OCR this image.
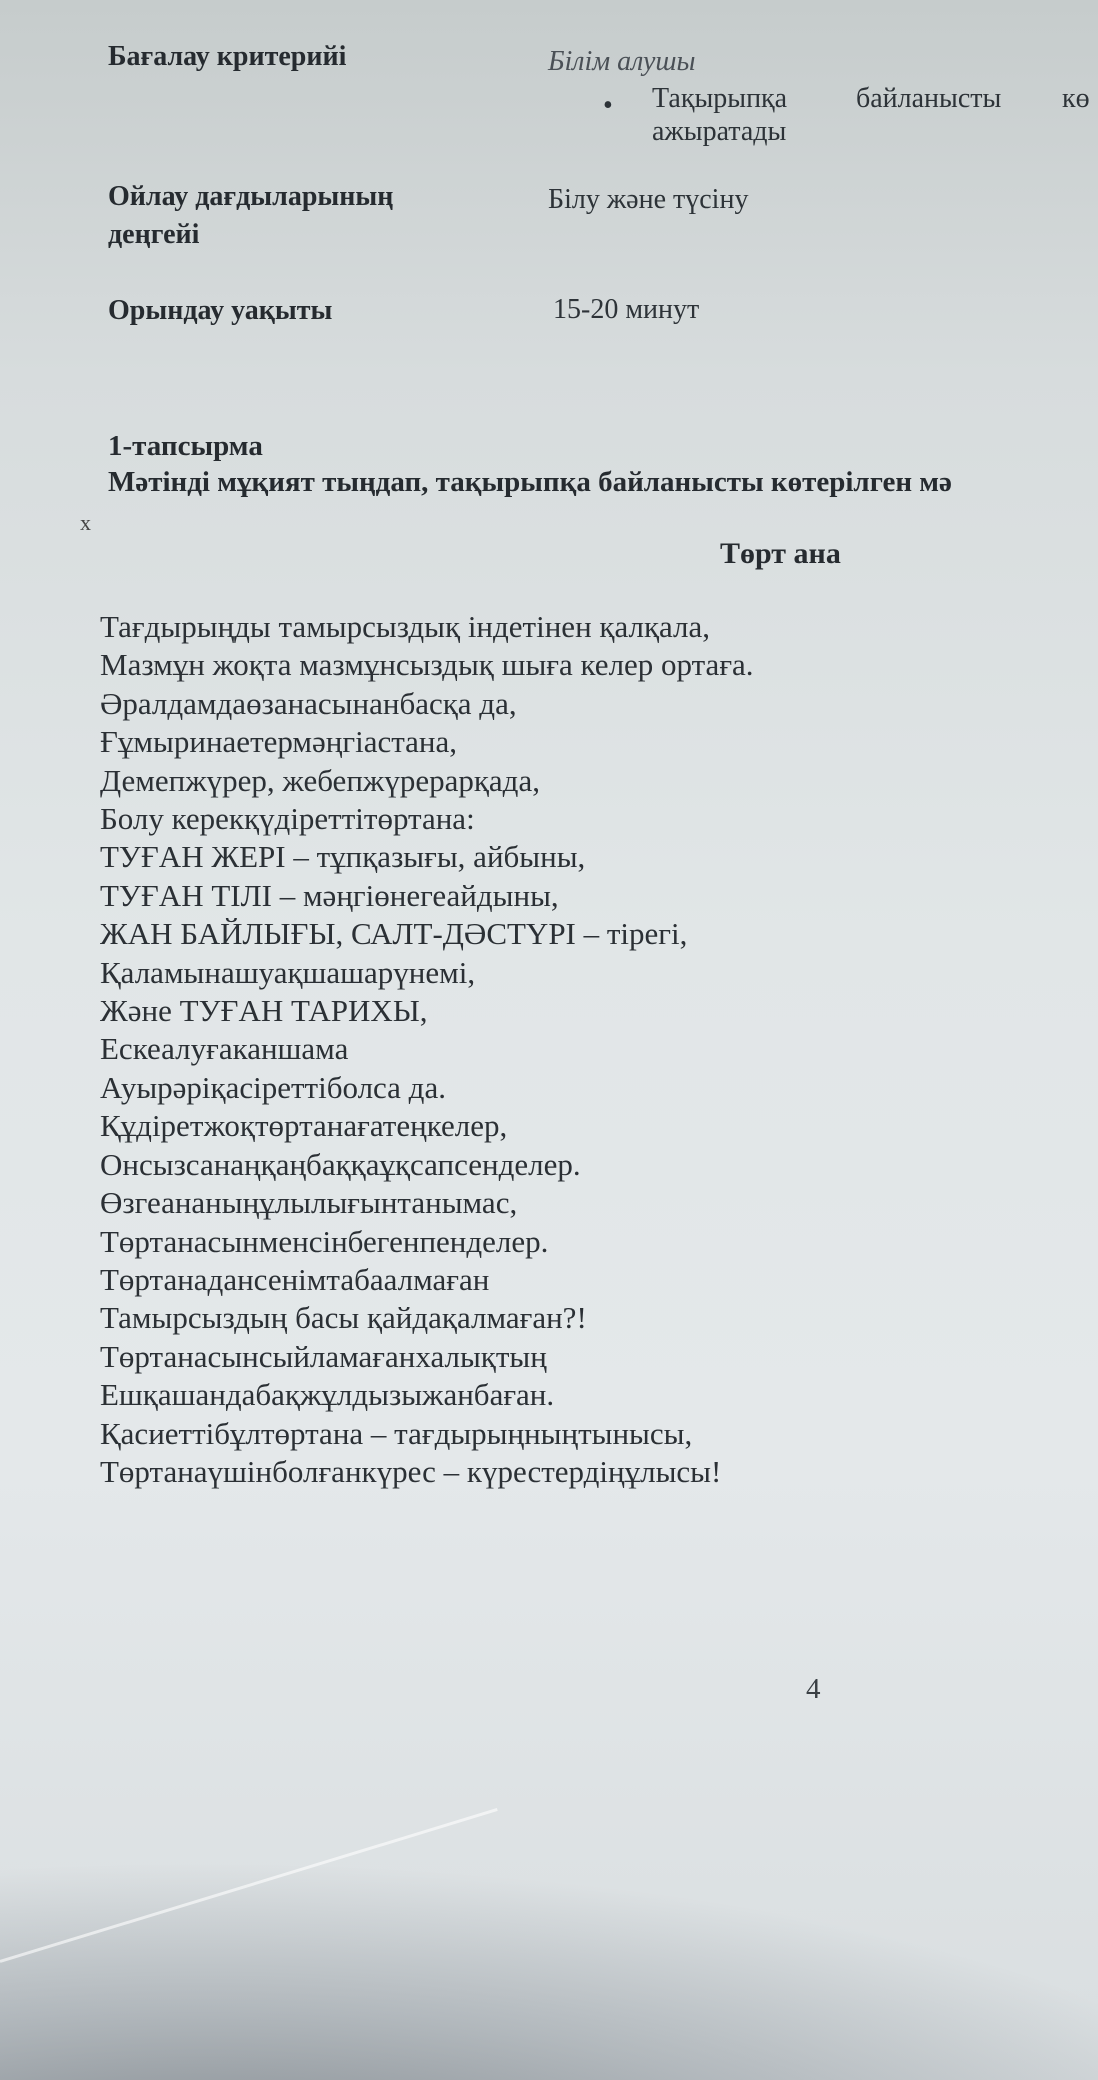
Бағалау критерийі	Білім алушы
• Тақырыпқа байланысты кө
ажыратады
Ойлау дағдыларының
деңгейі
Білу және түсіну
Орындау уақыты	15-20 минут
1-тапсырма
Мәтінді мұқият тыңдап, тақырыпқа байланысты көтерілген мә
х
Төрт ана
Тағдырыңды тамырсыздық індетінен қалқала,
Мазмұн жоқта мазмұнсыздық шыға келер ортаға.
Әралдамдаөзанасынанбасқа да,
Ғұмыринаетермәңгіастана,
Демепжүрер, жебепжүрерарқада,
Болу керекқүдіреттітөртана:
ТУҒАН ЖЕРІ – тұпқазығы, айбыны,
ТУҒАН ТІЛІ – мәңгіөнегеайдыны,
ЖАН БАЙЛЫҒЫ, САЛТ-ДӘСТҮРІ – тірегі,
Қаламынашуақшашарүнемі,
Және ТУҒАН ТАРИХЫ,
Ескеалуғаканшама
Ауырәріқасіреттіболса да.
Құдіретжоқтөртанағатеңкелер,
Онсызсанаңқаңбаққаұқсапсенделер.
Өзгеананыңұлылығынтанымас,
Төртанасынменсінбегенпенделер.
Төртанадансенімтабаалмаған
Тамырсыздың басы қайдақалмаған?!
Төртанасынсыйламағанхалықтың
Ешқашандабақжұлдызыжанбаған.
Қасиеттібұлтөртана – тағдырыңныңтынысы,
Төртанаүшінболғанкүрес – күрестердіңұлысы!
4
